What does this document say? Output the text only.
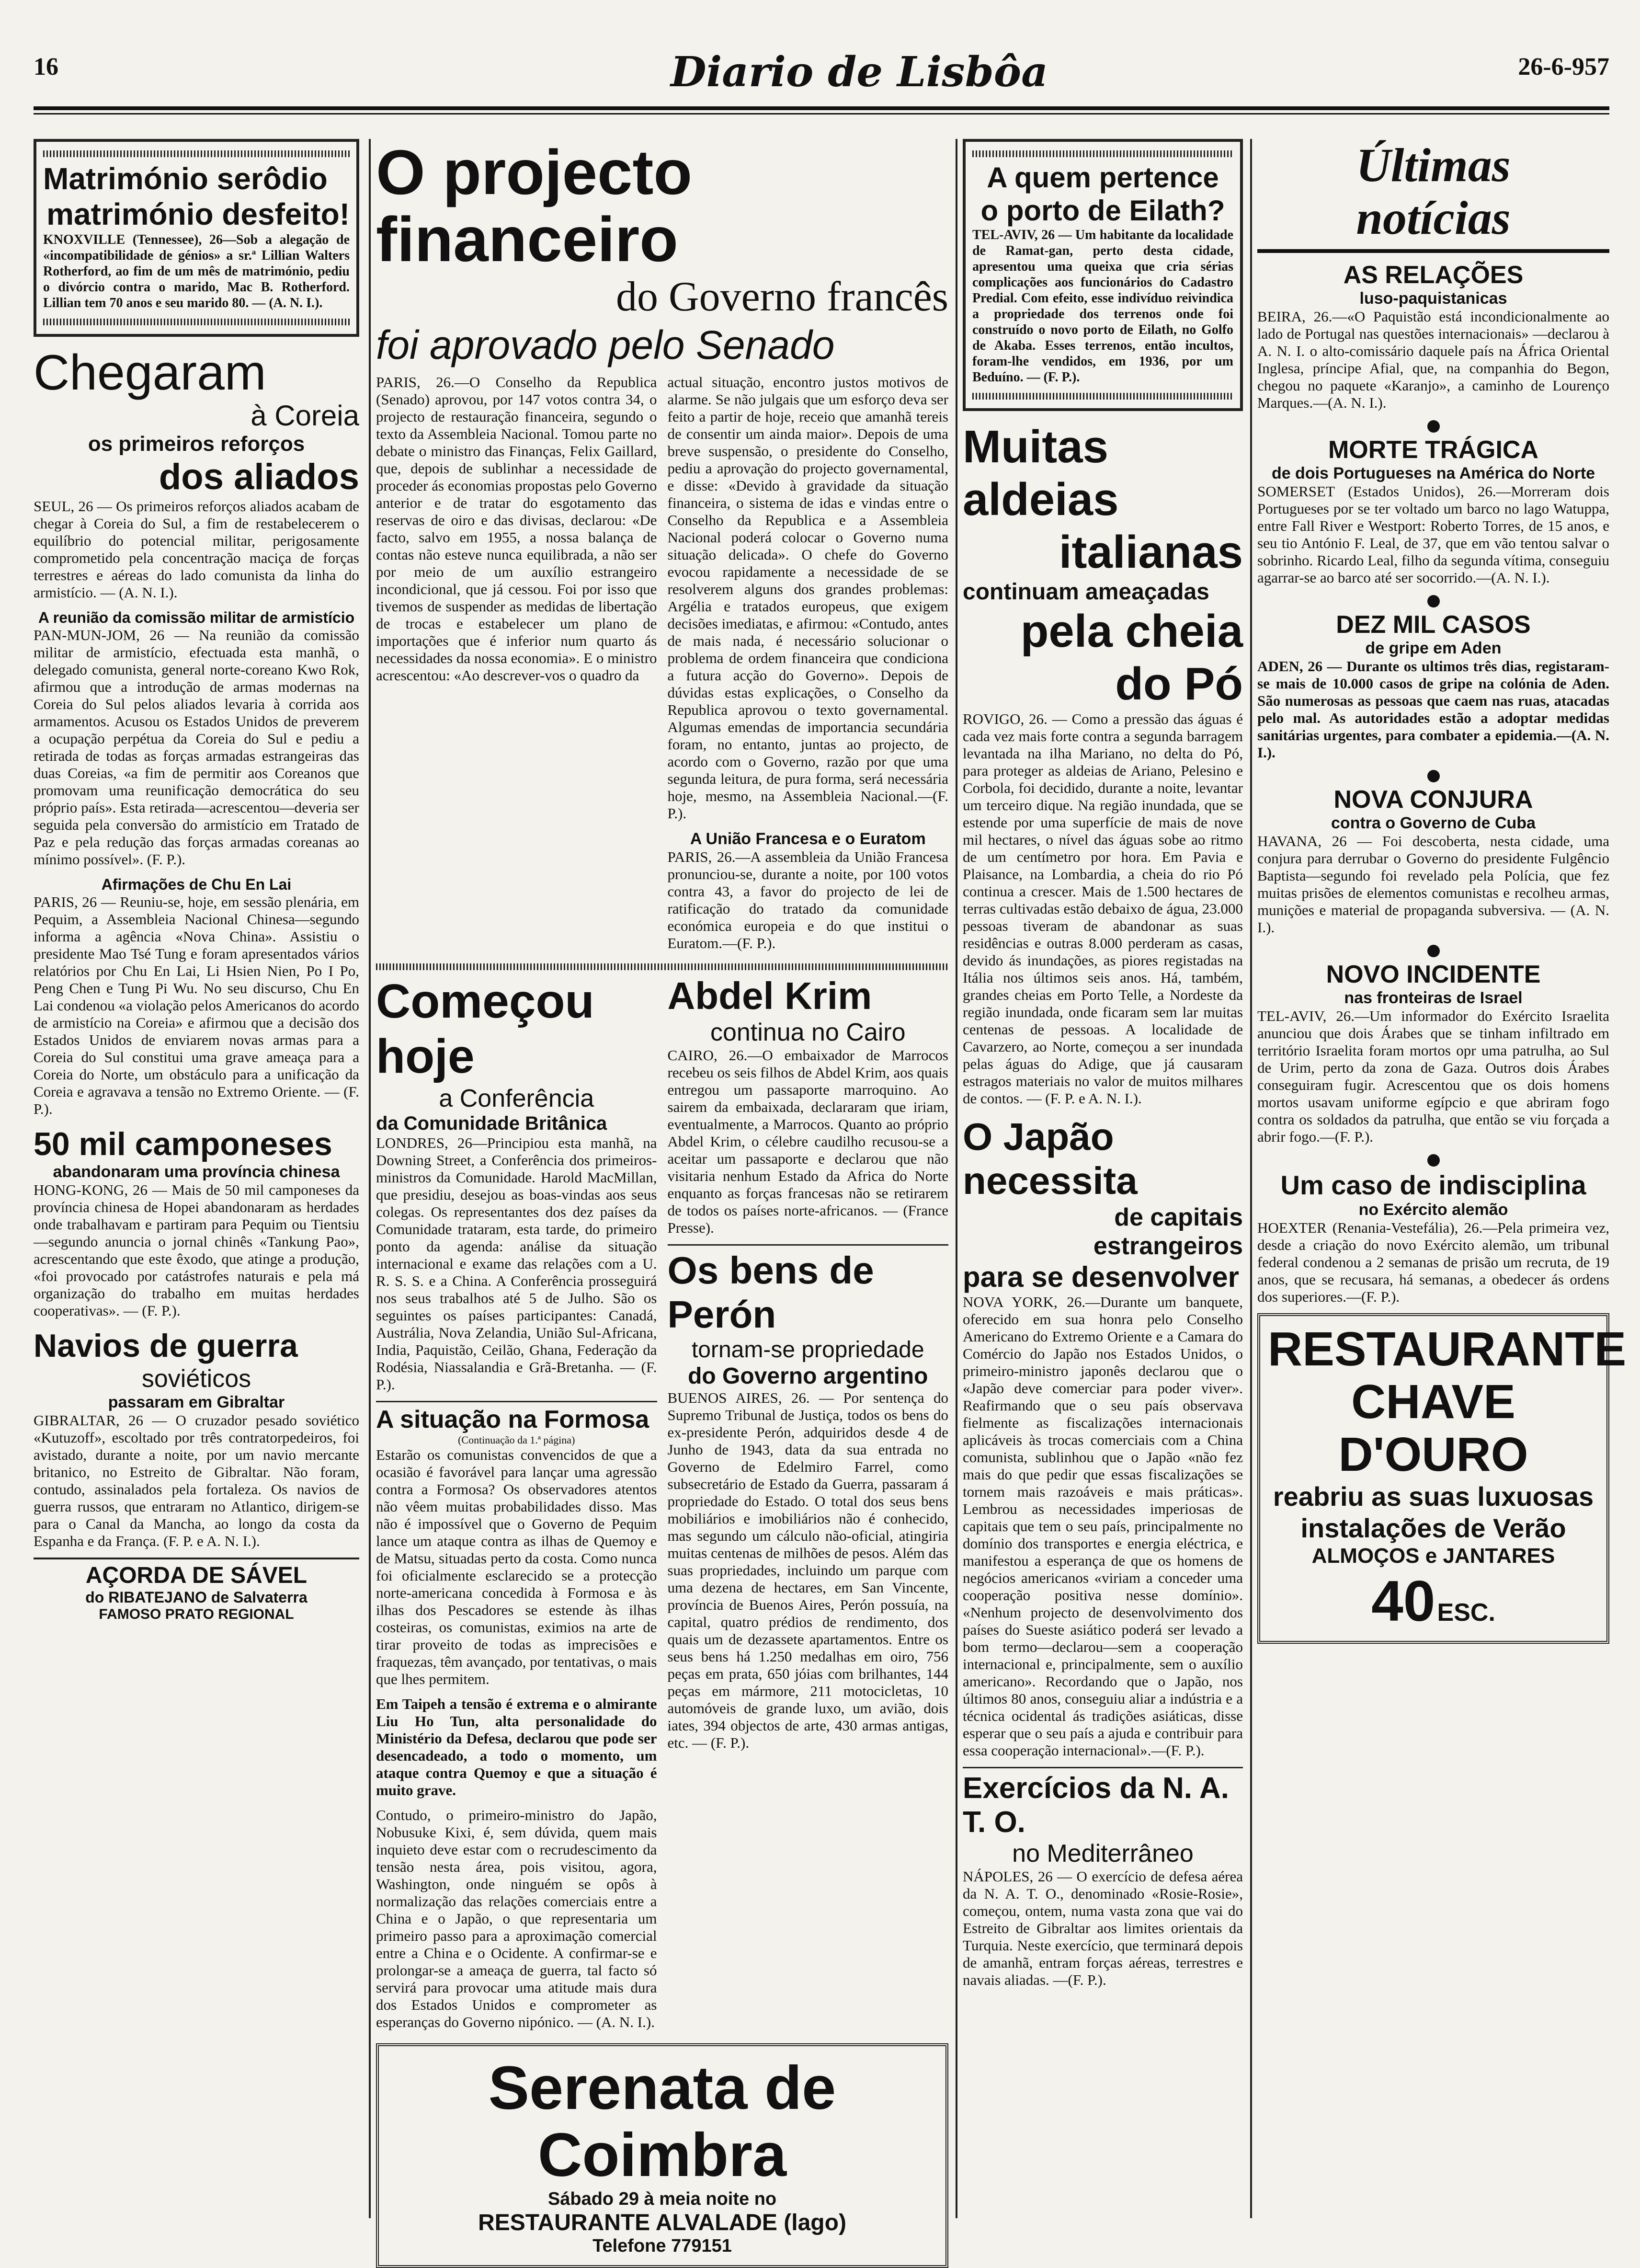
16	Diario de Lisbôa	26-6-957
Matrimónio serôdio
matrimónio desfeito!

KNOXVILLE (Tennessee), 26—Sob a alegação de «incompatibilidade de génios» a sr.ª Lillian Walters Rotherford, ao fim de um mês de matrimónio, pediu o divórcio contra o marido, Mac B. Rotherford. Lillian tem 70 anos e seu marido 80. — (A. N. I.).

Chegaram
à Coreia
os primeiros reforços
dos aliados

SEUL, 26 — Os primeiros reforços aliados acabam de chegar à Coreia do Sul, a fim de restabelecerem o equilíbrio do potencial militar, perigosamente comprometido pela concentração maciça de forças terrestres e aéreas do lado comunista da linha do armistício. — (A. N. I.).

A reunião da comissão militar de armistício

PAN-MUN-JOM, 26 — Na reunião da comissão militar de armistício, efectuada esta manhã, o delegado comunista, general norte-coreano Kwo Rok, afirmou que a introdução de armas modernas na Coreia do Sul pelos aliados levaria à corrida aos armamentos. Acusou os Estados Unidos de preverem a ocupação perpétua da Coreia do Sul e pediu a retirada de todas as forças armadas estrangeiras das duas Coreias, «a fim de permitir aos Coreanos que promovam uma reunificação democrática do seu próprio país». Esta retirada—acrescentou—deveria ser seguida pela conversão do armistício em Tratado de Paz e pela redução das forças armadas coreanas ao mínimo possível». (F. P.).

Afirmações de Chu En Lai

PARIS, 26 — Reuniu-se, hoje, em sessão plenária, em Pequim, a Assembleia Nacional Chinesa—segundo informa a agência «Nova China». Assistiu o presidente Mao Tsé Tung e foram apresentados vários relatórios por Chu En Lai, Li Hsien Nien, Po I Po, Peng Chen e Tung Pi Wu. No seu discurso, Chu En Lai condenou «a violação pelos Americanos do acordo de armistício na Coreia» e afirmou que a decisão dos Estados Unidos de enviarem novas armas para a Coreia do Sul constitui uma grave ameaça para a Coreia do Norte, um obstáculo para a unificação da Coreia e agravava a tensão no Extremo Oriente. — (F. P.).

50 mil camponeses
abandonaram uma província chinesa

HONG-KONG, 26 — Mais de 50 mil camponeses da província chinesa de Hopei abandonaram as herdades onde trabalhavam e partiram para Pequim ou Tientsiu—segundo anuncia o jornal chinês «Tankung Pao», acrescentando que este êxodo, que atinge a produção, «foi provocado por catástrofes naturais e pela má organização do trabalho em muitas herdades cooperativas». — (F. P.).

Navios de guerra
soviéticos
passaram em Gibraltar

GIBRALTAR, 26 — O cruzador pesado soviético «Kutuzoff», escoltado por três contratorpedeiros, foi avistado, durante a noite, por um navio mercante britanico, no Estreito de Gibraltar. Não foram, contudo, assinalados pela fortaleza. Os navios de guerra russos, que entraram no Atlantico, dirigem-se para o Canal da Mancha, ao longo da costa da Espanha e da França. (F. P. e A. N. I.).

AÇORDA DE SÁVEL
do RIBATEJANO de Salvaterra
FAMOSO PRATO REGIONAL
O projecto financeiro
do Governo francês
foi aprovado pelo Senado

PARIS, 26.—O Conselho da Republica (Senado) aprovou, por 147 votos contra 34, o projecto de restauração financeira, segundo o texto da Assembleia Nacional. Tomou parte no debate o ministro das Finanças, Felix Gaillard, que, depois de sublinhar a necessidade de proceder ás economias propostas pelo Governo anterior e de tratar do esgotamento das reservas de oiro e das divisas, declarou: «De facto, salvo em 1955, a nossa balança de contas não esteve nunca equilibrada, a não ser por meio de um auxílio estrangeiro incondicional, que já cessou. Foi por isso que tivemos de suspender as medidas de libertação de trocas e estabelecer um plano de importações que é inferior num quarto ás necessidades da nossa economia». E o ministro acrescentou: «Ao descrever-vos o quadro da

actual situação, encontro justos motivos de alarme. Se não julgais que um esforço deva ser feito a partir de hoje, receio que amanhã tereis de consentir um ainda maior». Depois de uma breve suspensão, o presidente do Conselho, pediu a aprovação do projecto governamental, e disse: «Devido à gravidade da situação financeira, o sistema de idas e vindas entre o Conselho da Republica e a Assembleia Nacional poderá colocar o Governo numa situação delicada». O chefe do Governo evocou rapidamente a necessidade de se resolverem alguns dos grandes problemas: Argélia e tratados europeus, que exigem decisões imediatas, e afirmou: «Contudo, antes de mais nada, é necessário solucionar o problema de ordem financeira que condiciona a futura acção do Governo». Depois de dúvidas estas explicações, o Conselho da Republica aprovou o texto governamental. Algumas emendas de importancia secundária foram, no entanto, juntas ao projecto, de acordo com o Governo, razão por que uma segunda leitura, de pura forma, será necessária hoje, mesmo, na Assembleia Nacional.—(F. P.).

A União Francesa e o Euratom

PARIS, 26.—A assembleia da União Francesa pronunciou-se, durante a noite, por 100 votos contra 43, a favor do projecto de lei de ratificação do tratado da comunidade económica europeia e do que institui o Euratom.—(F. P.).

Começou hoje
a Conferência
da Comunidade Britânica

LONDRES, 26—Principiou esta manhã, na Downing Street, a Conferência dos primeiros-ministros da Comunidade. Harold MacMillan, que presidiu, desejou as boas-vindas aos seus colegas. Os representantes dos dez países da Comunidade trataram, esta tarde, do primeiro ponto da agenda: análise da situação internacional e exame das relações com a U. R. S. S. e a China. A Conferência prosseguirá nos seus trabalhos até 5 de Julho. São os seguintes os países participantes: Canadá, Austrália, Nova Zelandia, União Sul-Africana, India, Paquistão, Ceilão, Ghana, Federação da Rodésia, Niassalandia e Grã-Bretanha. — (F. P.).

A situação na Formosa
(Continuação da 1.ª página)

Estarão os comunistas convencidos de que a ocasião é favorável para lançar uma agressão contra a Formosa? Os observadores atentos não vêem muitas probabilidades disso. Mas não é impossível que o Governo de Pequim lance um ataque contra as ilhas de Quemoy e de Matsu, situadas perto da costa. Como nunca foi oficialmente esclarecido se a protecção norte-americana concedida à Formosa e às ilhas dos Pescadores se estende às ilhas costeiras, os comunistas, eximios na arte de tirar proveito de todas as imprecisões e fraquezas, têm avançado, por tentativas, o mais que lhes permitem.

Em Taipeh a tensão é extrema e o almirante Liu Ho Tun, alta personalidade do Ministério da Defesa, declarou que pode ser desencadeado, a todo o momento, um ataque contra Quemoy e que a situação é muito grave.

Contudo, o primeiro-ministro do Japão, Nobusuke Kixi, é, sem dúvida, quem mais inquieto deve estar com o recrudescimento da tensão nesta área, pois visitou, agora, Washington, onde ninguém se opôs à normalização das relações comerciais entre a China e o Japão, o que representaria um primeiro passo para a aproximação comercial entre a China e o Ocidente. A confirmar-se e prolongar-se a ameaça de guerra, tal facto só servirá para provocar uma atitude mais dura dos Estados Unidos e comprometer as esperanças do Governo nipónico. — (A. N. I.).

Abdel Krim
continua no Cairo

CAIRO, 26.—O embaixador de Marrocos recebeu os seis filhos de Abdel Krim, aos quais entregou um passaporte marroquino. Ao sairem da embaixada, declararam que iriam, eventualmente, a Marrocos. Quanto ao próprio Abdel Krim, o célebre caudilho recusou-se a aceitar um passaporte e declarou que não visitaria nenhum Estado da Africa do Norte enquanto as forças francesas não se retirarem de todos os países norte-africanos. — (France Presse).

Os bens de Perón
tornam-se propriedade
do Governo argentino

BUENOS AIRES, 26. — Por sentença do Supremo Tribunal de Justiça, todos os bens do ex-presidente Perón, adquiridos desde 4 de Junho de 1943, data da sua entrada no Governo de Edelmiro Farrel, como subsecretário de Estado da Guerra, passaram á propriedade do Estado. O total dos seus bens mobiliários e imobiliários não é conhecido, mas segundo um cálculo não-oficial, atingiria muitas centenas de milhões de pesos. Além das suas propriedades, incluindo um parque com uma dezena de hectares, em San Vincente, província de Buenos Aires, Perón possuía, na capital, quatro prédios de rendimento, dos quais um de dezassete apartamentos. Entre os seus bens há 1.250 medalhas em oiro, 756 peças em prata, 650 jóias com brilhantes, 144 peças em mármore, 211 motocicletas, 10 automóveis de grande luxo, um avião, dois iates, 394 objectos de arte, 430 armas antigas, etc. — (F. P.).

Serenata de Coimbra
Sábado 29 à meia noite no
RESTAURANTE ALVALADE (lago)
Telefone 779151
A quem pertence
o porto de Eilath?

TEL-AVIV, 26 — Um habitante da localidade de Ramat-gan, perto desta cidade, apresentou uma queixa que cria sérias complicações aos funcionários do Cadastro Predial. Com efeito, esse indivíduo reivindica a propriedade dos terrenos onde foi construído o novo porto de Eilath, no Golfo de Akaba. Esses terrenos, então incultos, foram-lhe vendidos, em 1936, por um Beduíno. — (F. P.).

Muitas aldeias
italianas
continuam ameaçadas
pela cheia do Pó

ROVIGO, 26. — Como a pressão das águas é cada vez mais forte contra a segunda barragem levantada na ilha Mariano, no delta do Pó, para proteger as aldeias de Ariano, Pelesino e Corbola, foi decidido, durante a noite, levantar um terceiro dique. Na região inundada, que se estende por uma superfície de mais de nove mil hectares, o nível das águas sobe ao ritmo de um centímetro por hora. Em Pavia e Plaisance, na Lombardia, a cheia do rio Pó continua a crescer. Mais de 1.500 hectares de terras cultivadas estão debaixo de água, 23.000 pessoas tiveram de abandonar as suas residências e outras 8.000 perderam as casas, devido ás inundações, as piores registadas na Itália nos últimos seis anos. Há, também, grandes cheias em Porto Telle, a Nordeste da região inundada, onde ficaram sem lar muitas centenas de pessoas. A localidade de Cavarzero, ao Norte, começou a ser inundada pelas águas do Adige, que já causaram estragos materiais no valor de muitos milhares de contos. — (F. P. e A. N. I.).

O Japão necessita
de capitais estrangeiros
para se desenvolver

NOVA YORK, 26.—Durante um banquete, oferecido em sua honra pelo Conselho Americano do Extremo Oriente e a Camara do Comércio do Japão nos Estados Unidos, o primeiro-ministro japonês declarou que o «Japão deve comerciar para poder viver». Reafirmando que o seu país observava fielmente as fiscalizações internacionais aplicáveis às trocas comerciais com a China comunista, sublinhou que o Japão «não fez mais do que pedir que essas fiscalizações se tornem mais razoáveis e mais práticas». Lembrou as necessidades imperiosas de capitais que tem o seu país, principalmente no domínio dos transportes e energia eléctrica, e manifestou a esperança de que os homens de negócios americanos «viriam a conceder uma cooperação positiva nesse domínio». «Nenhum projecto de desenvolvimento dos países do Sueste asiático poderá ser levado a bom termo—declarou—sem a cooperação internacional e, principalmente, sem o auxílio americano». Recordando que o Japão, nos últimos 80 anos, conseguiu aliar a indústria e a técnica ocidental ás tradições asiáticas, disse esperar que o seu país a ajuda e contribuir para essa cooperação internacional».—(F. P.).

Exercícios da N. A. T. O.
no Mediterrâneo

NÁPOLES, 26 — O exercício de defesa aérea da N. A. T. O., denominado «Rosie-Rosie», começou, ontem, numa vasta zona que vai do Estreito de Gibraltar aos limites orientais da Turquia. Neste exercício, que terminará depois de amanhã, entram forças aéreas, terrestres e navais aliadas. —(F. P.).

Últimas
notícias
AS RELAÇÕES
luso-paquistanicas

BEIRA, 26.—«O Paquistão está incondicionalmente ao lado de Portugal nas questões internacionais» —declarou à A. N. I. o alto-comissário daquele país na África Oriental Inglesa, príncipe Afial, que, na companhia do Begon, chegou no paquete «Karanjo», a caminho de Lourenço Marques.—(A. N. I.).

MORTE TRÁGICA
de dois Portugueses na América do Norte

SOMERSET (Estados Unidos), 26.—Morreram dois Portugueses por se ter voltado um barco no lago Watuppa, entre Fall River e Westport: Roberto Torres, de 15 anos, e seu tio António F. Leal, de 37, que em vão tentou salvar o sobrinho. Ricardo Leal, filho da segunda vítima, conseguiu agarrar-se ao barco até ser socorrido.—(A. N. I.).

DEZ MIL CASOS
de gripe em Aden

ADEN, 26 — Durante os ultimos três dias, registaram-se mais de 10.000 casos de gripe na colónia de Aden. São numerosas as pessoas que caem nas ruas, atacadas pelo mal. As autoridades estão a adoptar medidas sanitárias urgentes, para combater a epidemia.—(A. N. I.).

NOVA CONJURA
contra o Governo de Cuba

HAVANA, 26 — Foi descoberta, nesta cidade, uma conjura para derrubar o Governo do presidente Fulgêncio Baptista—segundo foi revelado pela Polícia, que fez muitas prisões de elementos comunistas e recolheu armas, munições e material de propaganda subversiva. — (A. N. I.).

NOVO INCIDENTE
nas fronteiras de Israel

TEL-AVIV, 26.—Um informador do Exército Israelita anunciou que dois Árabes que se tinham infiltrado em território Israelita foram mortos opr uma patrulha, ao Sul de Urim, perto da zona de Gaza. Outros dois Árabes conseguiram fugir. Acrescentou que os dois homens mortos usavam uniforme egípcio e que abriram fogo contra os soldados da patrulha, que então se viu forçada a abrir fogo.—(F. P.).

Um caso de indisciplina
no Exército alemão

HOEXTER (Renania-Vestefália), 26.—Pela primeira vez, desde a criação do novo Exército alemão, um tribunal federal condenou a 2 semanas de prisão um recruta, de 19 anos, que se recusara, há semanas, a obedecer ás ordens dos superiores.—(F. P.).

RESTAURANTE
CHAVE D'OURO
reabriu as suas luxuosas instalações de Verão
ALMOÇOS e JANTARES
40 ESC.
